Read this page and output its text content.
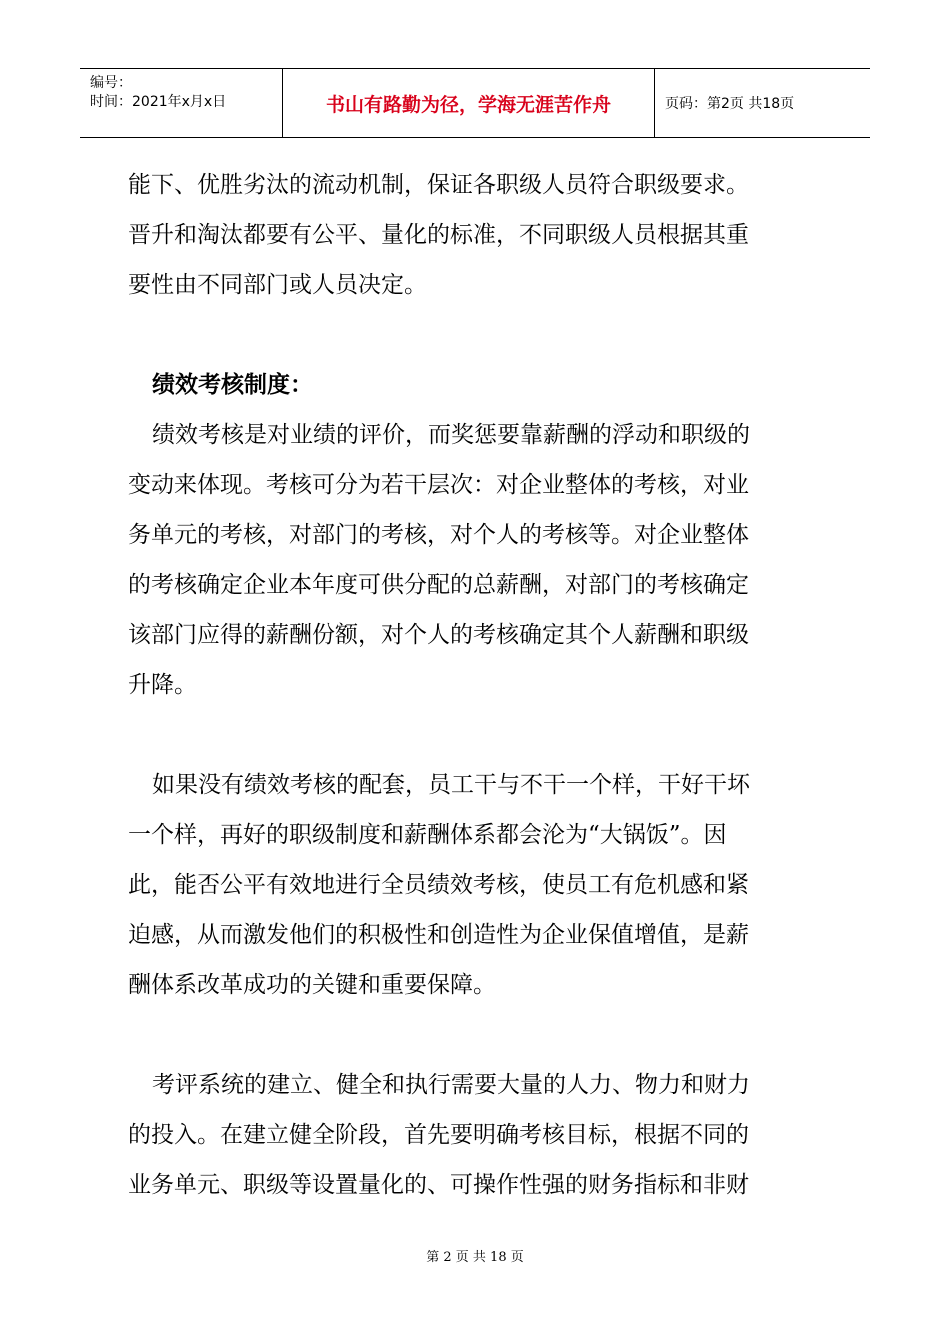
编号：
时间：2021年x月x日	书山有路勤为径，学海无涯苦作舟	页码：第2页 共18页
能下、优胜劣汰的流动机制，保证各职级人员符合职级要求。
晋升和淘汰都要有公平、量化的标准，不同职级人员根据其重
要性由不同部门或人员决定。
绩效考核制度：
绩效考核是对业绩的评价，而奖惩要靠薪酬的浮动和职级的
变动来体现。考核可分为若干层次：对企业整体的考核，对业
务单元的考核，对部门的考核，对个人的考核等。对企业整体
的考核确定企业本年度可供分配的总薪酬，对部门的考核确定
该部门应得的薪酬份额，对个人的考核确定其个人薪酬和职级
升降。
如果没有绩效考核的配套，员工干与不干一个样，干好干坏
一个样，再好的职级制度和薪酬体系都会沦为“大锅饭”。因
此，能否公平有效地进行全员绩效考核，使员工有危机感和紧
迫感，从而激发他们的积极性和创造性为企业保值增值，是薪
酬体系改革成功的关键和重要保障。
考评系统的建立、健全和执行需要大量的人力、物力和财力
的投入。在建立健全阶段，首先要明确考核目标，根据不同的
业务单元、职级等设置量化的、可操作性强的财务指标和非财
第 2 页 共 18 页
